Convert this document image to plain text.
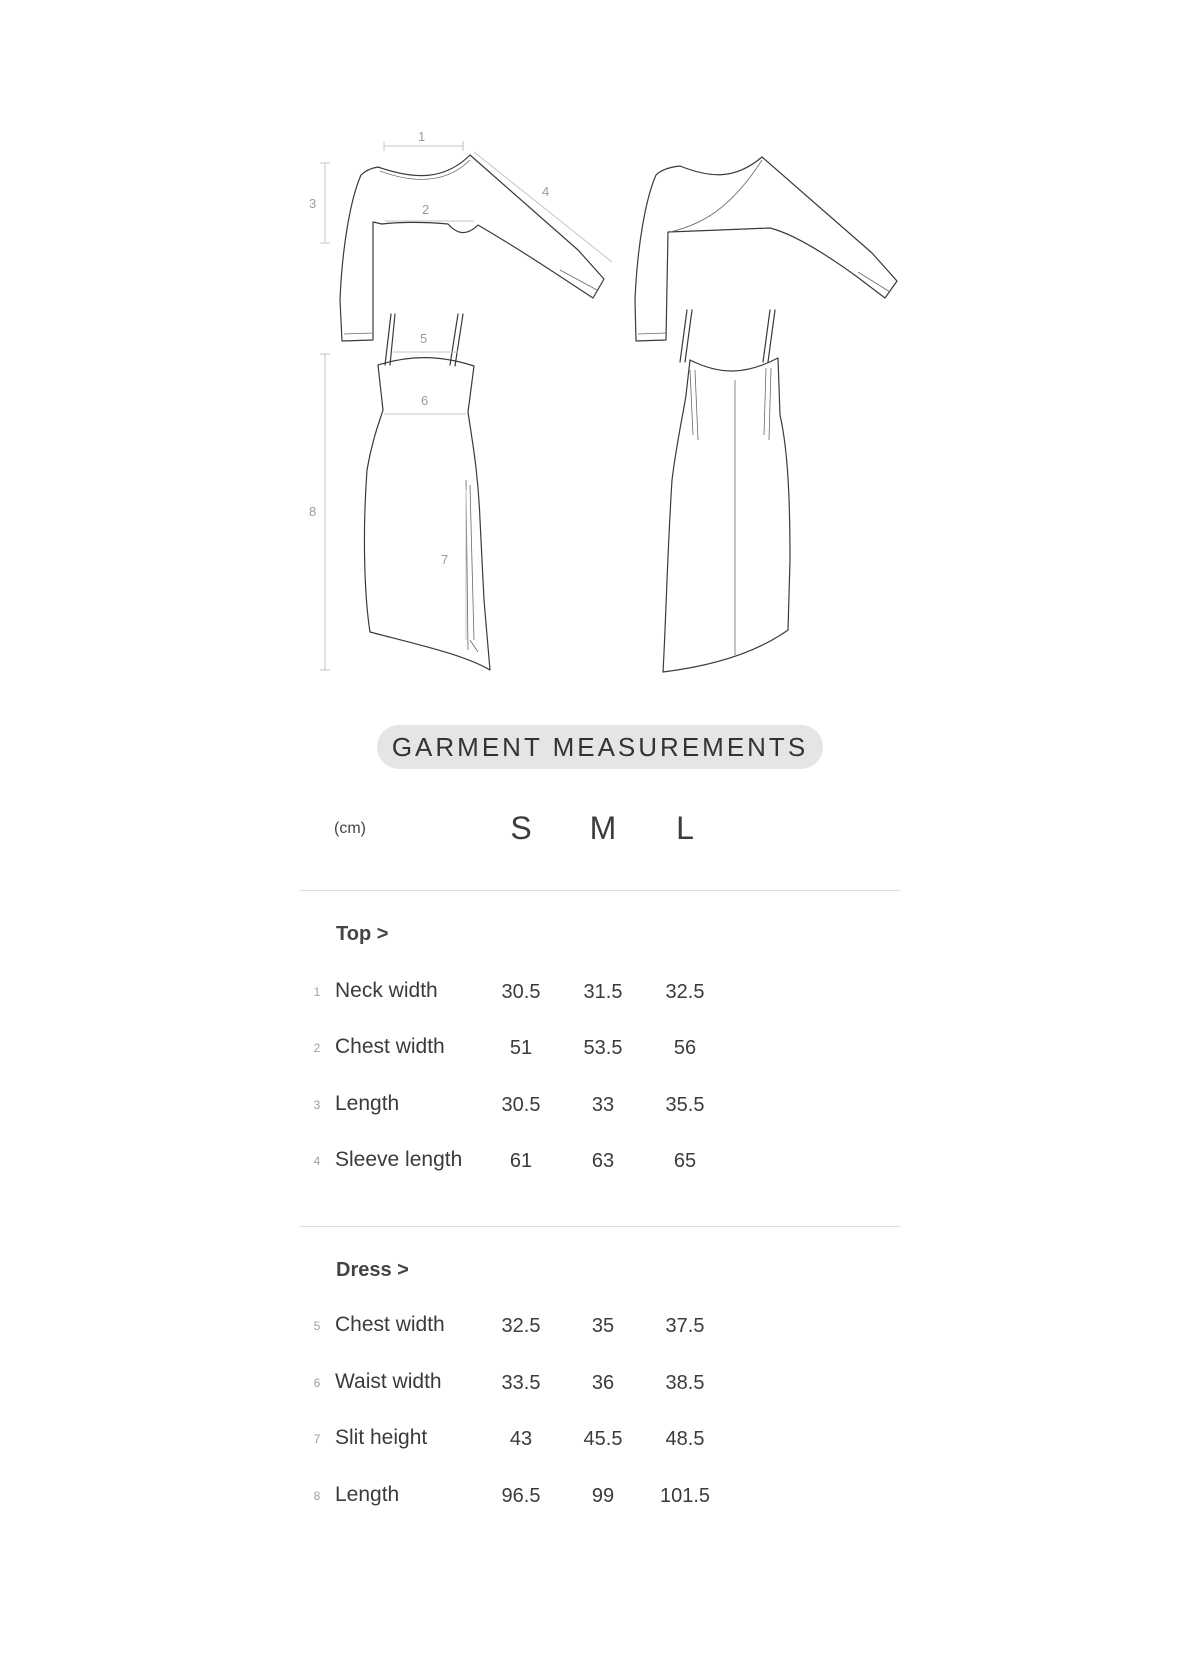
1
2
3
4
5
6
7
8
GARMENT MEASUREMENTS
(cm)	S	M	L
Top >
1 Neck width	30.5	31.5	32.5
2 Chest width	51	53.5	56
3 Length	30.5	33	35.5
4 Sleeve length	61	63	65
Dress >
5 Chest width	32.5	35	37.5
6 Waist width	33.5	36	38.5
7 Slit height	43	45.5	48.5
8 Length	96.5	99	101.5
